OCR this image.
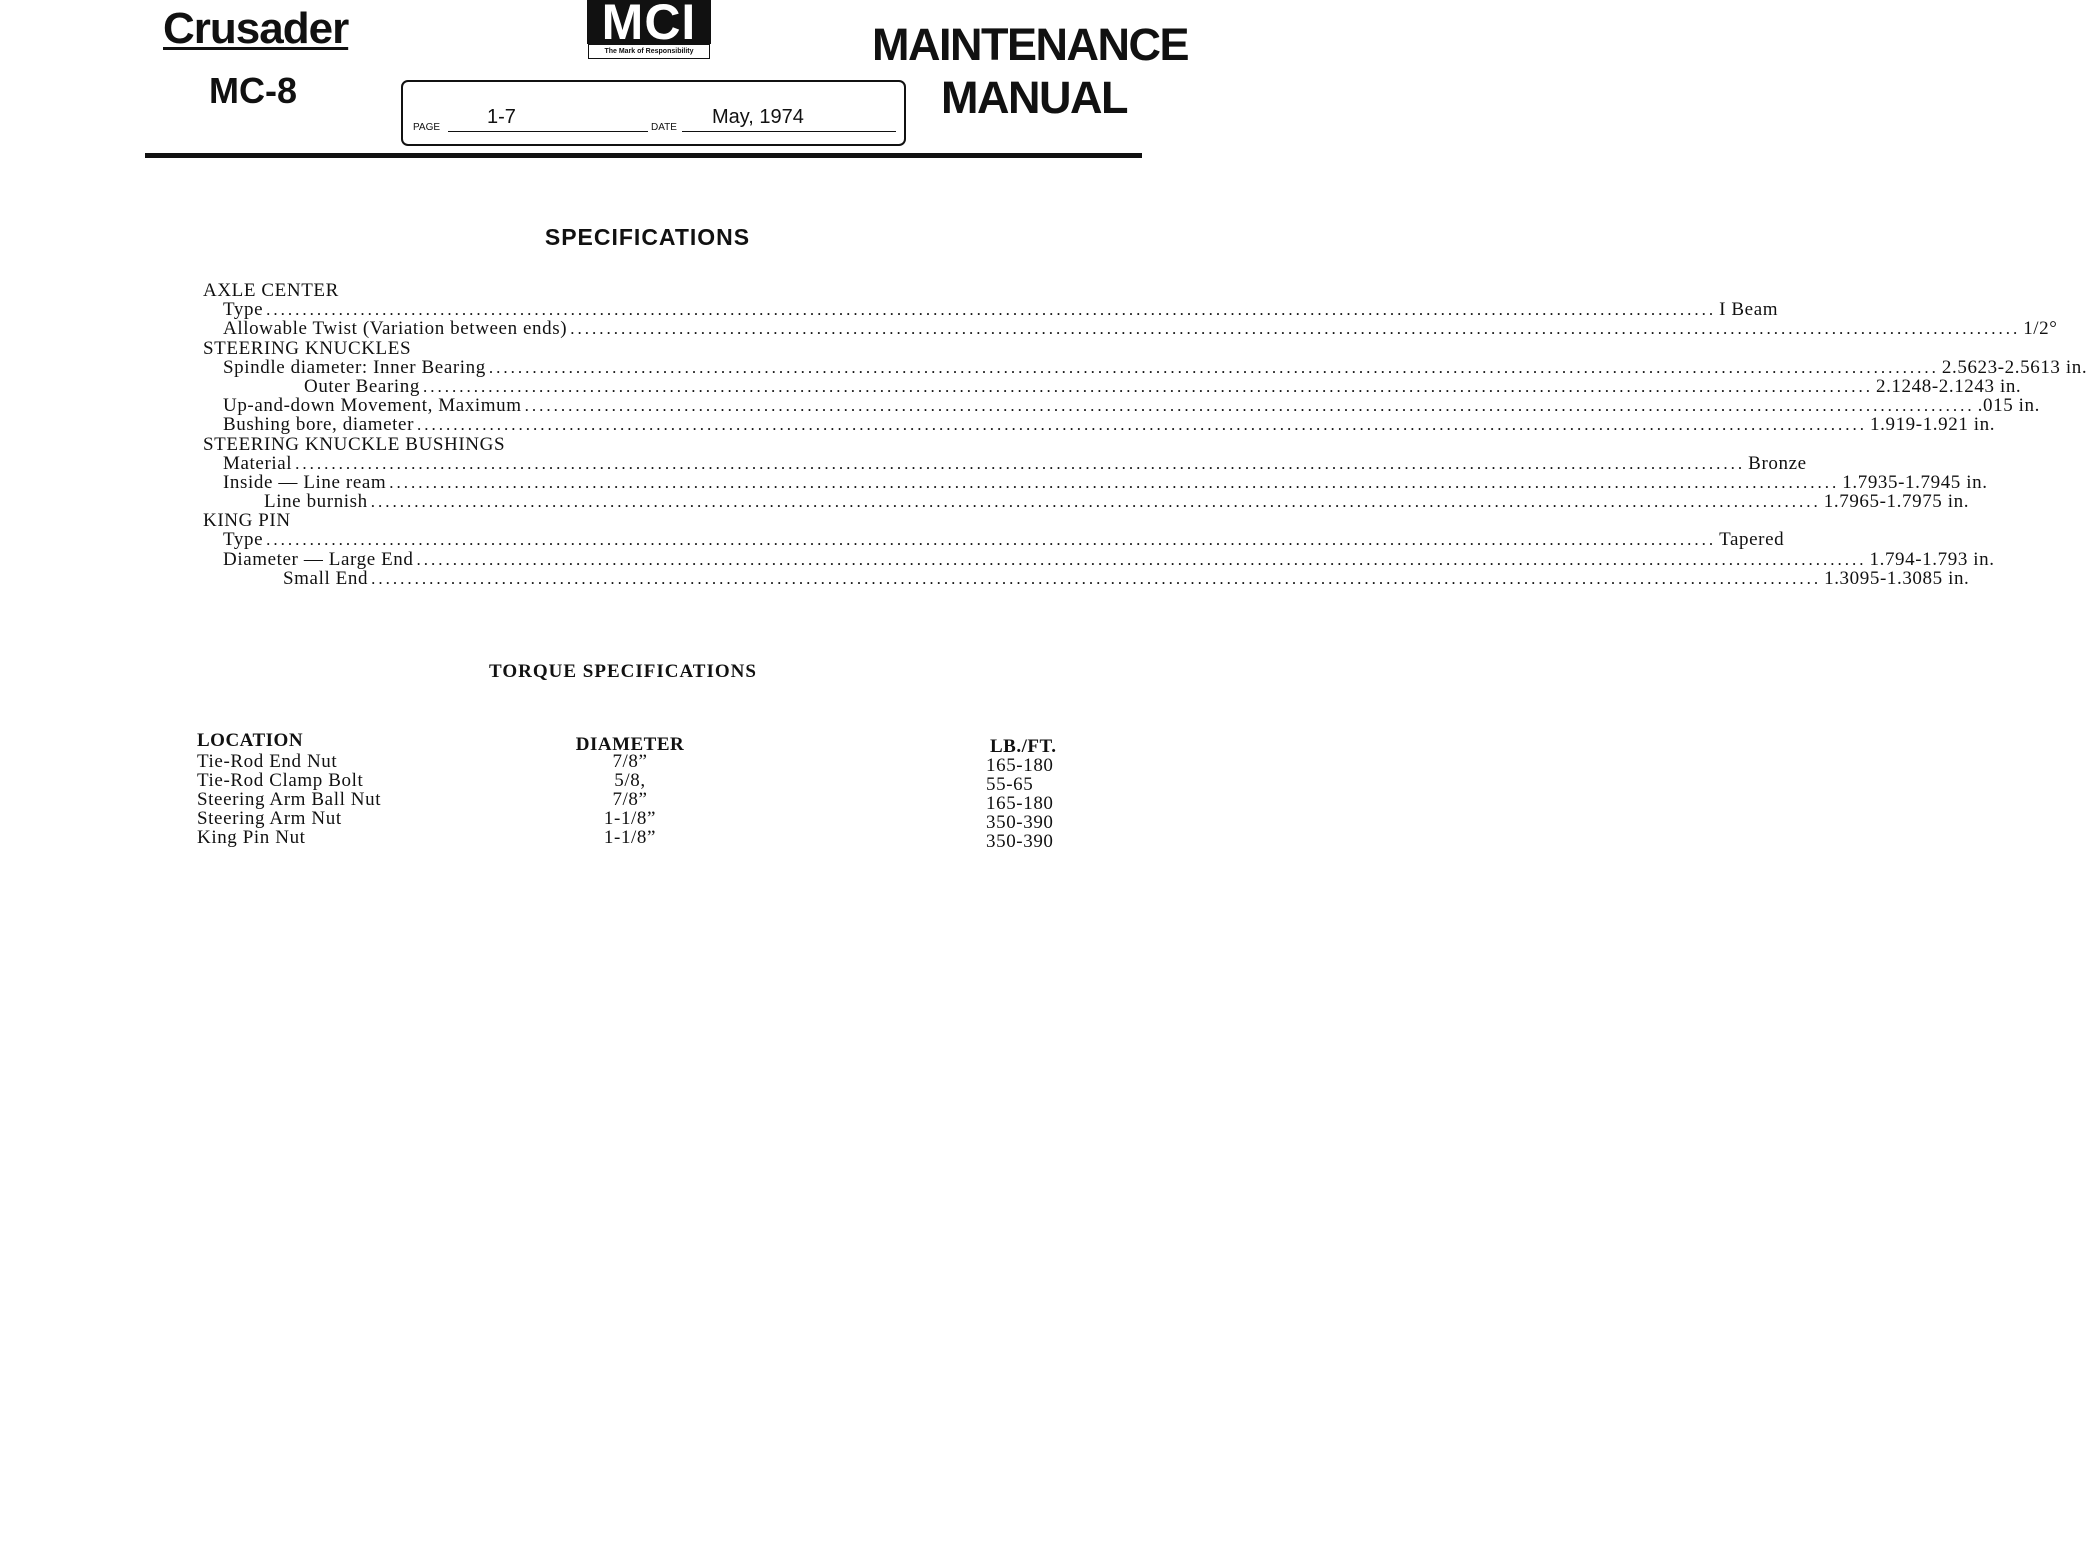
Crusader
MC-8
MCI
The Mark of Responsibility
PAGE 1-7	DATE May, 1974
MAINTENANCE
MANUAL
SPECIFICATIONS
AXLE CENTER
Type ........................................................................................................................................................................................................ I Beam
Allowable Twist (Variation between ends) ........................................................................................................................................................................................................ 1/2°
STEERING KNUCKLES
Spindle diameter: Inner Bearing ........................................................................................................................................................................................................ 2.5623-2.5613 in.
Outer Bearing ........................................................................................................................................................................................................ 2.1248-2.1243 in.
Up-and-down Movement, Maximum ........................................................................................................................................................................................................ .015 in.
Bushing bore, diameter ........................................................................................................................................................................................................ 1.919-1.921 in.
STEERING KNUCKLE BUSHINGS
Material ........................................................................................................................................................................................................ Bronze
Inside — Line ream ........................................................................................................................................................................................................ 1.7935-1.7945 in.
Line burnish ........................................................................................................................................................................................................ 1.7965-1.7975 in.
KING PIN
Type ........................................................................................................................................................................................................ Tapered
Diameter — Large End ........................................................................................................................................................................................................ 1.794-1.793 in.
Small End ........................................................................................................................................................................................................ 1.3095-1.3085 in.
TORQUE SPECIFICATIONS
LOCATION	DIAMETER	LB./FT.
Tie-Rod End Nut	7/8”	165-180
Tie-Rod Clamp Bolt	5/8,	55-65
Steering Arm Ball Nut	7/8”	165-180
Steering Arm Nut	1-1/8”	350-390
King Pin Nut	1-1/8”	350-390
